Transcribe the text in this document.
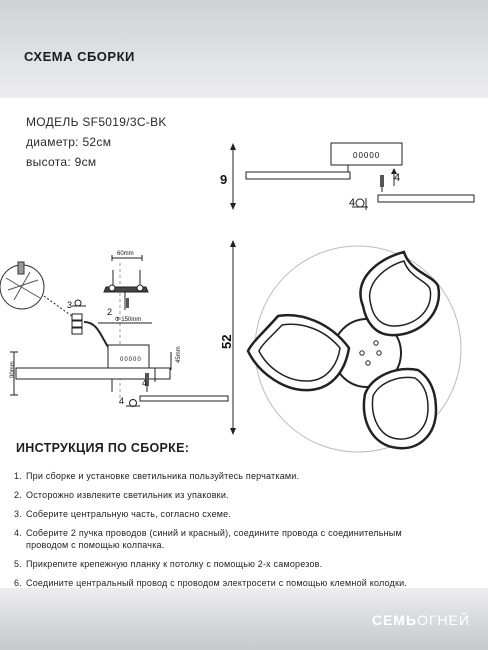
СХЕМА СБОРКИ
МОДЕЛЬ SF5019/3C-BK
диаметр: 52см
высота: 9см
9	4
4
00000
52
3
2
4
4
60mm
Ф 150mm
00000
90mm
45mm
ИНСТРУКЦИЯ ПО СБОРКЕ:
1. При сборке и установке светильника пользуйтесь перчатками.
2. Осторожно извлеките светильник из упаковки.
3. Соберите центральную часть, согласно схеме.
4. Соберите 2 пучка проводов (синий и красный), соедините провода с соединительным
проводом с помощью колпачка.
5. Прикрепите крепежную планку к потолку с помощью 2-х саморезов.
6. Соедините центральный провод с проводом электросети с помощью клемной колодки.
СЕМЬОГНЕЙ
